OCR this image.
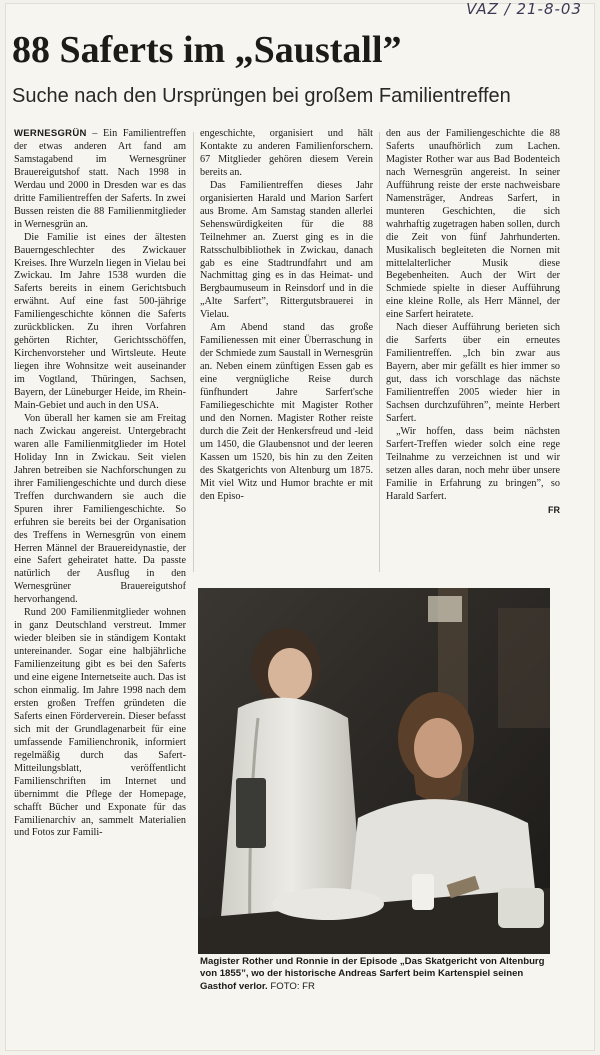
VAZ / 21-8-03
88 Saferts im „Saustall”
Suche nach den Ursprüngen bei großem Familientreffen

WERNESGRÜN – Ein Familientreffen der etwas anderen Art fand am Samstagabend im Wernesgrüner Brauereigutshof statt. Nach 1998 in Werdau und 2000 in Dresden war es das dritte Familientreffen der Saferts. In zwei Bussen reisten die 88 Familienmitglieder in Wernesgrün an.

Die Familie ist eines der ältesten Bauerngeschlechter des Zwickauer Kreises. Ihre Wurzeln liegen in Vielau bei Zwickau. Im Jahre 1538 wurden die Saferts bereits in einem Gerichtsbuch erwähnt. Auf eine fast 500-jährige Familiengeschichte können die Saferts zurückblicken. Zu ihren Vorfahren gehörten Richter, Gerichtsschöffen, Kirchenvorsteher und Wirtsleute. Heute liegen ihre Wohnsitze weit auseinander im Vogtland, Thüringen, Sachsen, Bayern, der Lüneburger Heide, im Rhein-Main-Gebiet und auch in den USA.

Von überall her kamen sie am Freitag nach Zwickau angereist. Untergebracht waren alle Familienmitglieder im Hotel Holiday Inn in Zwickau. Seit vielen Jahren betreiben sie Nachforschungen zu ihrer Familiengeschichte und durch diese Treffen durchwandern sie auch die Spuren ihrer Familiengeschichte. So erfuhren sie bereits bei der Organisation des Treffens in Wernesgrün von einem Herren Männel der Brauereidynastie, der eine Safert geheiratet hatte. Da passte natürlich der Ausflug in den Wernesgrüner Brauereigutshof hervorhangend.

Rund 200 Familienmitglieder wohnen in ganz Deutschland verstreut. Immer wieder bleiben sie in ständigem Kontakt untereinander. Sogar eine halbjährliche Familienzeitung gibt es bei den Saferts und eine eigene Internetseite auch. Das ist schon einmalig. Im Jahre 1998 nach dem ersten großen Treffen gründeten die Saferts einen Förderverein. Dieser befasst sich mit der Grundlagenarbeit für eine umfassende Familienchronik, informiert regelmäßig durch das Safert-Mitteilungsblatt, veröffentlicht Familienschriften im Internet und übernimmt die Pflege der Homepage, schafft Bücher und Exponate für das Familienarchiv an, sammelt Materialien und Fotos zur Famili-

engeschichte, organisiert und hält Kontakte zu anderen Familienforschern. 67 Mitglieder gehören diesem Verein bereits an.

Das Familientreffen dieses Jahr organisierten Harald und Marion Sarfert aus Brome. Am Samstag standen allerlei Sehenswürdigkeiten für die 88 Teilnehmer an. Zuerst ging es in die Ratsschulbibliothek in Zwickau, danach gab es eine Stadtrundfahrt und am Nachmittag ging es in das Heimat- und Bergbaumuseum in Reinsdorf und in die „Alte Sarfert”, Rittergutsbrauerei in Vielau.

Am Abend stand das große Familienessen mit einer Überraschung in der Schmiede zum Saustall in Wernesgrün an. Neben einem zünftigen Essen gab es eine vergnügliche Reise durch fünfhundert Jahre Sarfert'sche Familiegeschichte mit Magister Rother und den Nornen. Magister Rother reiste durch die Zeit der Henkersfreud und -leid um 1450, die Glaubensnot und der leeren Kassen um 1520, bis hin zu den Zeiten des Skatgerichts von Altenburg um 1875. Mit viel Witz und Humor brachte er mit den Episo-

den aus der Familiengeschichte die 88 Saferts unaufhörlich zum Lachen. Magister Rother war aus Bad Bodenteich nach Wernesgrün angereist. In seiner Aufführung reiste der erste nachweisbare Namensträger, Andreas Sarfert, in munteren Geschichten, die sich wahrhaftig zugetragen haben sollen, durch die Zeit von fünf Jahrhunderten. Musikalisch begleiteten die Nornen mit mittelalterlicher Musik diese Begebenheiten. Auch der Wirt der Schmiede spielte in dieser Aufführung eine kleine Rolle, als Herr Männel, der eine Sarfert heiratete.

Nach dieser Aufführung berieten sich die Sarferts über ein erneutes Familientreffen. „Ich bin zwar aus Bayern, aber mir gefällt es hier immer so gut, dass ich vorschlage das nächste Familientreffen 2005 wieder hier in Sachsen durchzuführen”, meinte Herbert Sarfert.

„Wir hoffen, dass beim nächsten Sarfert-Treffen wieder solch eine rege Teilnahme zu verzeichnen ist und wir setzen alles daran, noch mehr über unsere Familie in Erfahrung zu bringen”, so Harald Sarfert.

FR
Magister Rother und Ronnie in der Episode „Das Skatgericht von Altenburg von 1855”, wo der historische Andreas Sarfert beim Kartenspiel seinen Gasthof verlor. FOTO: FR
